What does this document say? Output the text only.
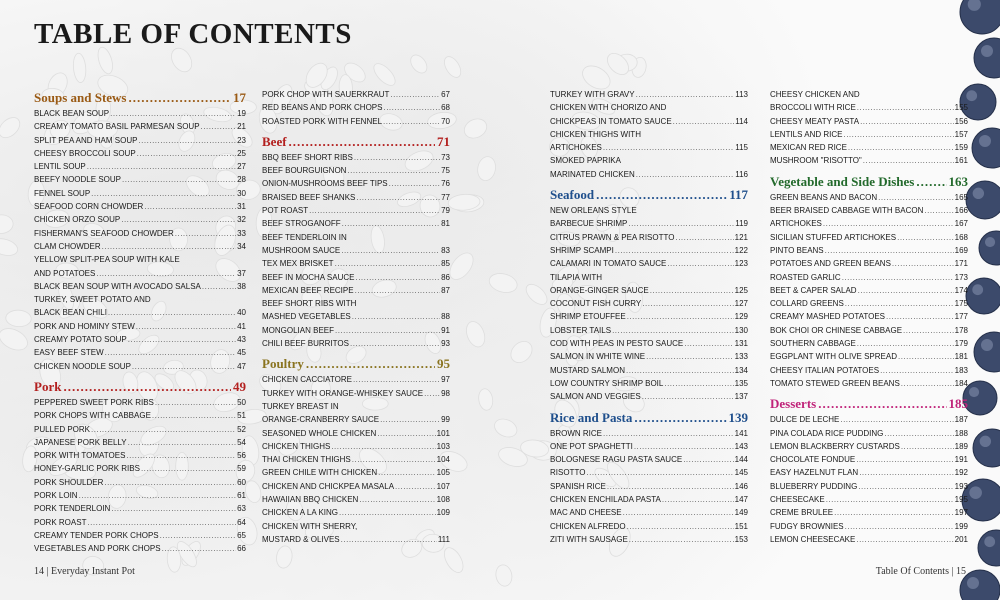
TABLE OF CONTENTS
Soups and Stews .....	17
BLACK BEAN SOUP .....	19
CREAMY TOMATO BASIL PARMESAN SOUP .....	21
SPLIT PEA AND HAM SOUP .....	23
CHEESY BROCCOLI SOUP .....	25
LENTIL SOUP .....	27
BEEFY NOODLE SOUP .....	28
FENNEL SOUP .....	30
SEAFOOD CORN CHOWDER .....	31
CHICKEN ORZO SOUP .....	32
FISHERMAN'S SEAFOOD CHOWDER .....	33
CLAM CHOWDER .....	34
YELLOW SPLIT-PEA SOUP WITH KALE
AND POTATOES .....	37
BLACK BEAN SOUP WITH AVOCADO SALSA .....	38
TURKEY, SWEET POTATO AND
BLACK BEAN CHILI .....	40
PORK AND HOMINY STEW .....	41
CREAMY POTATO SOUP .....	43
EASY BEEF STEW .....	45
CHICKEN NOODLE SOUP .....	47
Pork .....	49
PEPPERED SWEET PORK RIBS .....	50
PORK CHOPS WITH CABBAGE .....	51
PULLED PORK .....	52
JAPANESE PORK BELLY .....	54
PORK WITH TOMATOES .....	56
HONEY-GARLIC PORK RIBS .....	59
PORK SHOULDER .....	60
PORK LOIN .....	61
PORK TENDERLOIN .....	63
PORK ROAST .....	64
CREAMY TENDER PORK CHOPS .....	65
VEGETABLES AND PORK CHOPS .....	66
PORK CHOP WITH SAUERKRAUT .....	67
RED BEANS AND PORK CHOPS .....	68
ROASTED PORK WITH FENNEL .....	70
Beef .....	71
BBQ BEEF SHORT RIBS .....	73
BEEF BOURGUIGNON .....	75
ONION-MUSHROOMS BEEF TIPS .....	76
BRAISED BEEF SHANKS .....	77
POT ROAST .....	79
BEEF STROGANOFF .....	81
BEEF TENDERLOIN IN
MUSHROOM SAUCE .....	83
TEX MEX BRISKET .....	85
BEEF IN MOCHA SAUCE .....	86
MEXICAN BEEF RECIPE .....	87
BEEF SHORT RIBS WITH
MASHED VEGETABLES .....	88
MONGOLIAN BEEF .....	91
CHILI BEEF BURRITOS .....	93
Poultry .....	95
CHICKEN CACCIATORE .....	97
TURKEY WITH ORANGE-WHISKEY SAUCE ..... 98
TURKEY BREAST IN
ORANGE-CRANBERRY SAUCE .....	99
SEASONED WHOLE CHICKEN .....	101
CHICKEN THIGHS .....	103
THAI CHICKEN THIGHS .....	104
GREEN CHILE WITH CHICKEN .....	105
CHICKEN AND CHICKPEA MASALA .....	107
HAWAIIAN BBQ CHICKEN .....	108
CHICKEN A LA KING .....	109
CHICKEN WITH SHERRY,
MUSTARD & OLIVES .....	111
TURKEY WITH GRAVY .....	113
CHICKEN WITH CHORIZO AND
CHICKPEAS IN TOMATO SAUCE .....	114
CHICKEN THIGHS WITH
ARTICHOKES .....	115
SMOKED PAPRIKA
MARINATED CHICKEN .....	116
Seafood .....	117
NEW ORLEANS STYLE
BARBECUE SHRIMP .....	119
CITRUS PRAWN & PEA RISOTTO .....	121
SHRIMP SCAMPI .....	122
CALAMARI IN TOMATO SAUCE .....	123
TILAPIA WITH
ORANGE-GINGER SAUCE .....	125
COCONUT FISH CURRY .....	127
SHRIMP ETOUFFEE .....	129
LOBSTER TAILS .....	130
COD WITH PEAS IN PESTO SAUCE .....	131
SALMON IN WHITE WINE .....	133
MUSTARD SALMON .....	134
LOW COUNTRY SHRIMP BOIL .....	135
SALMON AND VEGGIES .....	137
Rice and Pasta .....	139
BROWN RICE .....	141
ONE POT SPAGHETTI .....	143
BOLOGNESE RAGU PASTA SAUCE .....	144
RISOTTO .....	145
SPANISH RICE .....	146
CHICKEN ENCHILADA PASTA .....	147
MAC AND CHEESE .....	149
CHICKEN ALFREDO .....	151
ZITI WITH SAUSAGE .....	153
CHEESY CHICKEN AND
BROCCOLI WITH RICE .....	155
CHEESY MEATY PASTA .....	156
LENTILS AND RICE .....	157
MEXICAN RED RICE .....	159
MUSHROOM "RISOTTO" .....	161
Vegetable and Side Dishes .....	163
GREEN BEANS AND BACON .....	165
BEER BRAISED CABBAGE WITH BACON .....	166
ARTICHOKES .....	167
SICILIAN STUFFED ARTICHOKES .....	168
PINTO BEANS .....	169
POTATOES AND GREEN BEANS .....	171
ROASTED GARLIC .....	173
BEET & CAPER SALAD .....	174
COLLARD GREENS .....	175
CREAMY MASHED POTATOES .....	177
BOK CHOI OR CHINESE CABBAGE .....	178
SOUTHERN CABBAGE .....	179
EGGPLANT WITH OLIVE SPREAD .....	181
CHEESY ITALIAN POTATOES .....	183
TOMATO STEWED GREEN BEANS .....	184
Desserts .....	185
DULCE DE LECHE .....	187
PINA COLADA RICE PUDDING .....	188
LEMON BLACKBERRY CUSTARDS .....	189
CHOCOLATE FONDUE .....	191
EASY HAZELNUT FLAN .....	192
BLUEBERRY PUDDING .....	193
CHEESECAKE .....	195
CREME BRULEE .....	197
FUDGY BROWNIES .....	199
LEMON CHEESECAKE .....	201
14 | Everyday Instant Pot	Table Of Contents | 15
